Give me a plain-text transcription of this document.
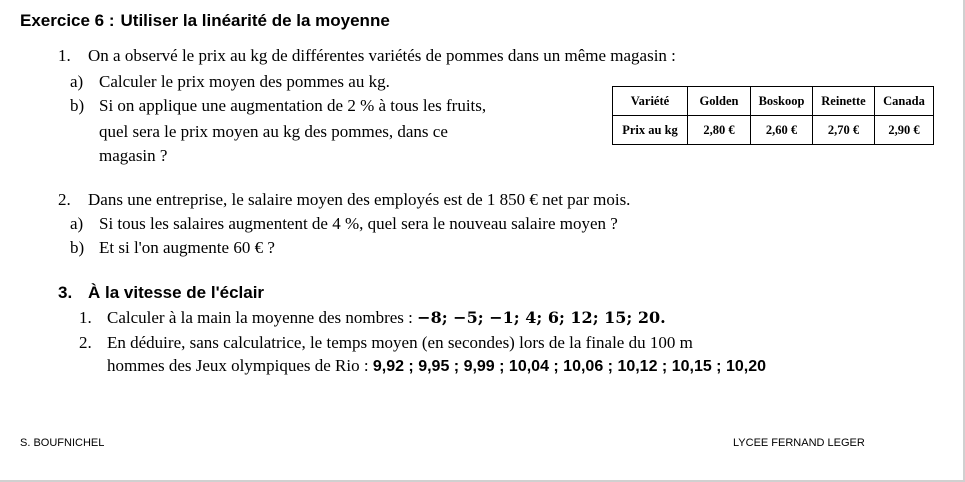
Exercice 6 : Utiliser la linéarité de la moyenne
1. On a observé le prix au kg de différentes variétés de pommes dans un même magasin :
a) Calculer le prix moyen des pommes au kg.
b) Si on applique une augmentation de 2 % à tous les fruits,
quel sera le prix moyen au kg des pommes, dans ce
magasin ?
Variété	Golden	Boskoop	Reinette	Canada
Prix au kg	2,80 €	2,60 €	2,70 €	2,90 €
2. Dans une entreprise, le salaire moyen des employés est de 1 850 € net par mois.
a) Si tous les salaires augmentent de 4 %, quel sera le nouveau salaire moyen ?
b) Et si l'on augmente 60 € ?
3. À la vitesse de l'éclair
1. Calculer à la main la moyenne des nombres : −8; −5; −1; 4; 6; 12; 15; 20.
2. En déduire, sans calculatrice, le temps moyen (en secondes) lors de la finale du 100 m
hommes des Jeux olympiques de Rio : 9,92 ; 9,95 ; 9,99 ; 10,04 ; 10,06 ; 10,12 ; 10,15 ; 10,20
S. BOUFNICHEL	LYCEE FERNAND LEGER
